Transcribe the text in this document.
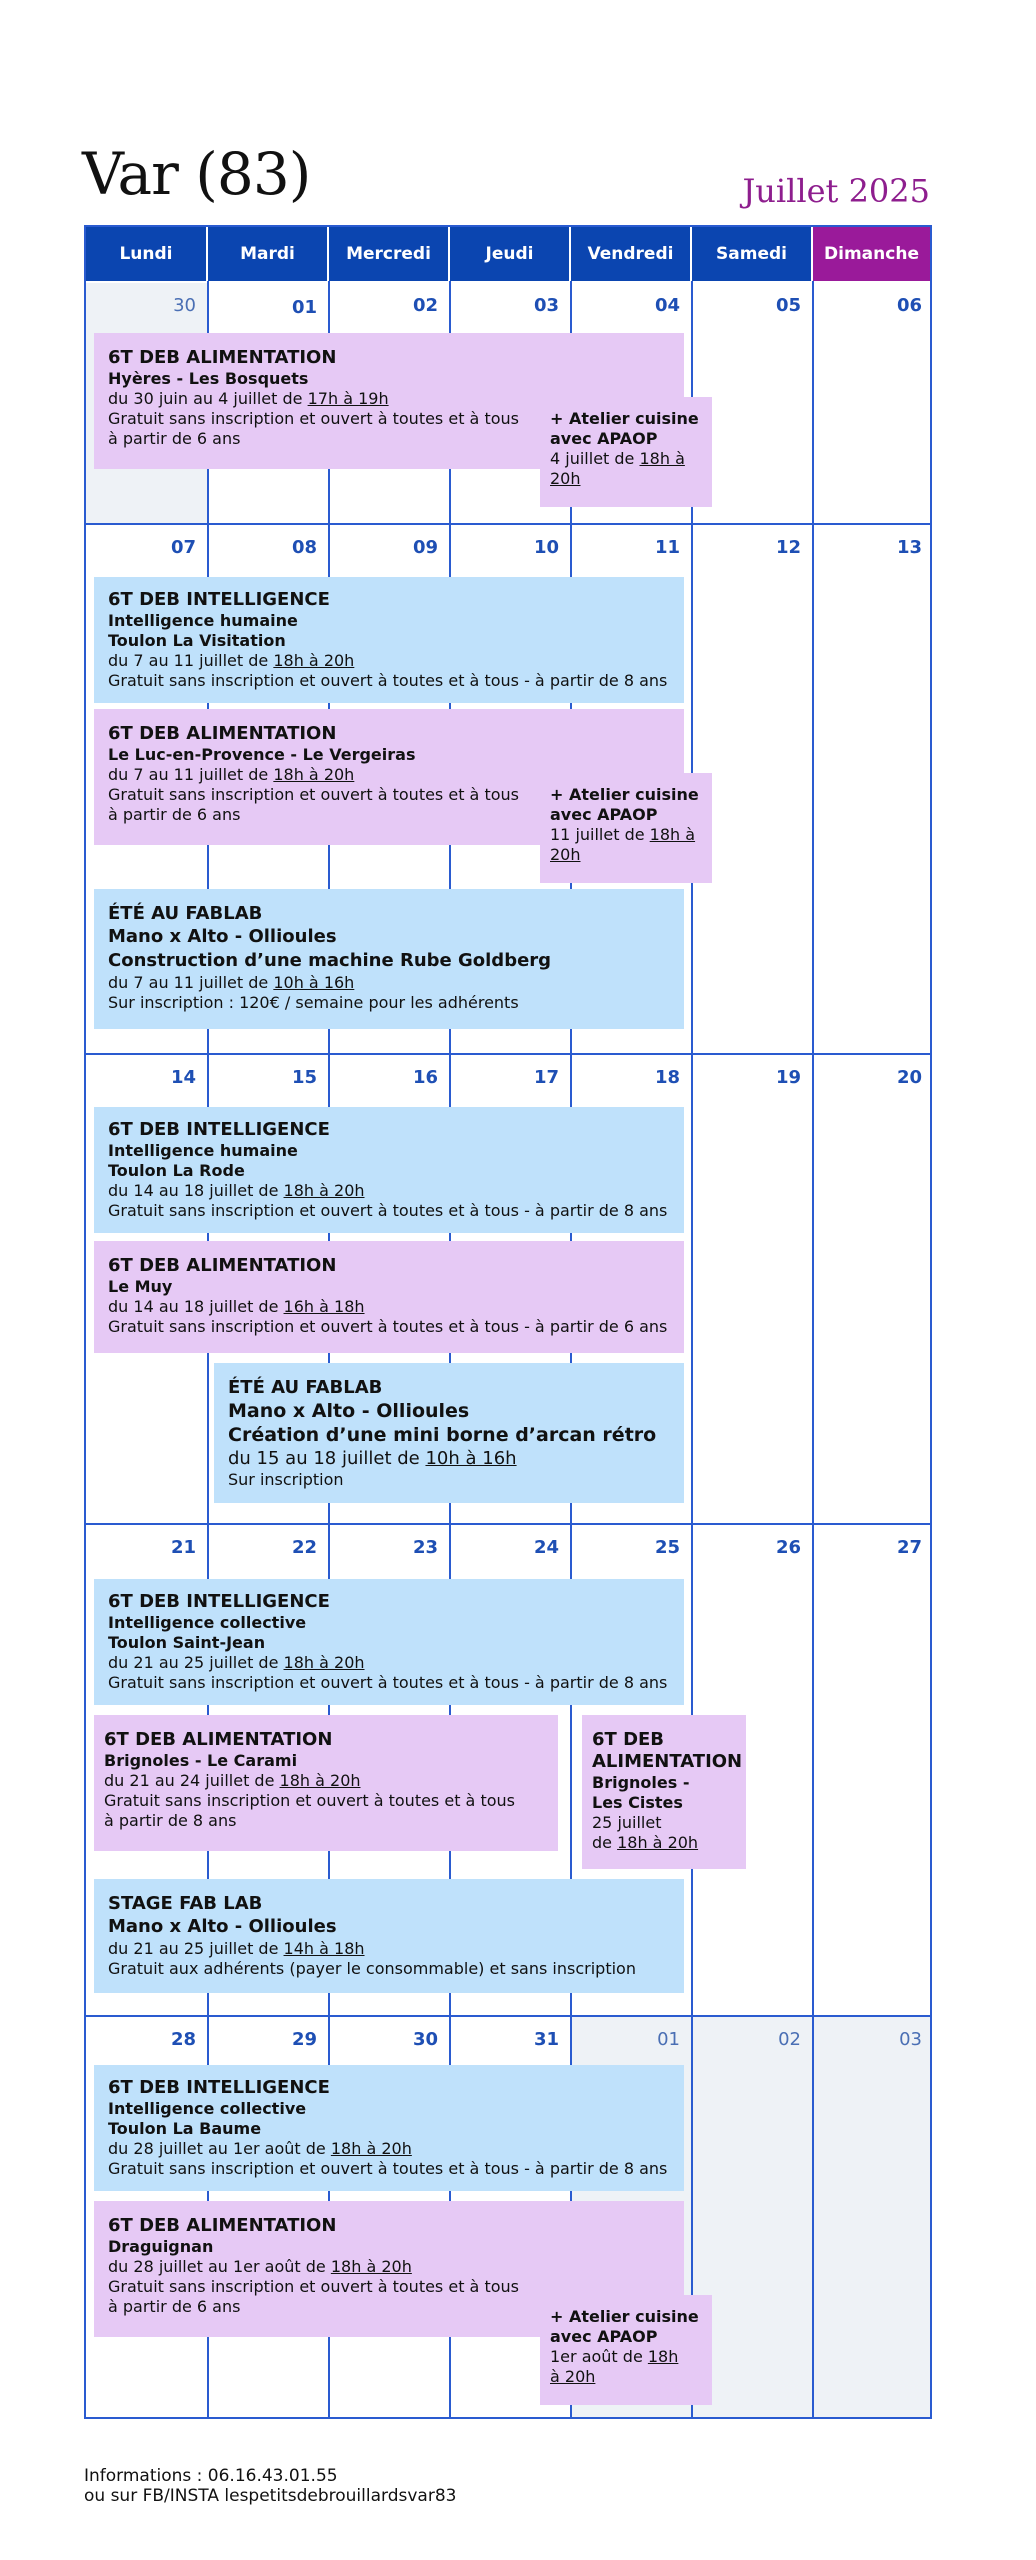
Var (83)	Juillet 2025
Lundi	Mardi	Mercredi	Jeudi	Vendredi	Samedi	Dimanche
30	01	02	03	04	05	06
07	08	09	10	11	12	13
14	15	16	17	18	19	20
21	22	23	24	25	26	27
28	29	30	31	01	02	03
6T DEB ALIMENTATION
Hyères - Les Bosquets
du 30 juin au 4 juillet de 17h à 19h
Gratuit sans inscription et ouvert à toutes et à tous
à partir de 6 ans
+ Atelier cuisine
avec APAOP
4 juillet de 18h à
20h
6T DEB INTELLIGENCE
Intelligence humaine
Toulon La Visitation
du 7 au 11 juillet de 18h à 20h
Gratuit sans inscription et ouvert à toutes et à tous - à partir de 8 ans
6T DEB ALIMENTATION
Le Luc-en-Provence - Le Vergeiras
du 7 au 11 juillet de 18h à 20h
Gratuit sans inscription et ouvert à toutes et à tous
à partir de 6 ans
+ Atelier cuisine
avec APAOP
11 juillet de 18h à
20h
ÉTÉ AU FABLAB
Mano x Alto - Ollioules
Construction d’une machine Rube Goldberg
du 7 au 11 juillet de 10h à 16h
Sur inscription : 120€ / semaine pour les adhérents
6T DEB INTELLIGENCE
Intelligence humaine
Toulon La Rode
du 14 au 18 juillet de 18h à 20h
Gratuit sans inscription et ouvert à toutes et à tous - à partir de 8 ans
6T DEB ALIMENTATION
Le Muy
du 14 au 18 juillet de 16h à 18h
Gratuit sans inscription et ouvert à toutes et à tous - à partir de 6 ans
ÉTÉ AU FABLAB
Mano x Alto - Ollioules
Création d’une mini borne d’arcan rétro
du 15 au 18 juillet de 10h à 16h
Sur inscription
6T DEB INTELLIGENCE
Intelligence collective
Toulon Saint-Jean
du 21 au 25 juillet de 18h à 20h
Gratuit sans inscription et ouvert à toutes et à tous - à partir de 8 ans
6T DEB ALIMENTATION
Brignoles - Le Carami
du 21 au 24 juillet de 18h à 20h
Gratuit sans inscription et ouvert à toutes et à tous
à partir de 8 ans
6T DEB
ALIMENTATION
Brignoles -
Les Cistes
25 juillet
de 18h à 20h
STAGE FAB LAB
Mano x Alto - Ollioules
du 21 au 25 juillet de 14h à 18h
Gratuit aux adhérents (payer le consommable) et sans inscription
6T DEB INTELLIGENCE
Intelligence collective
Toulon La Baume
du 28 juillet au 1er août de 18h à 20h
Gratuit sans inscription et ouvert à toutes et à tous - à partir de 8 ans
6T DEB ALIMENTATION
Draguignan
du 28 juillet au 1er août de 18h à 20h
Gratuit sans inscription et ouvert à toutes et à tous
à partir de 6 ans
+ Atelier cuisine
avec APAOP
1er août de 18h
à 20h
Informations : 06.16.43.01.55
ou sur FB/INSTA lespetitsdebrouillardsvar83
